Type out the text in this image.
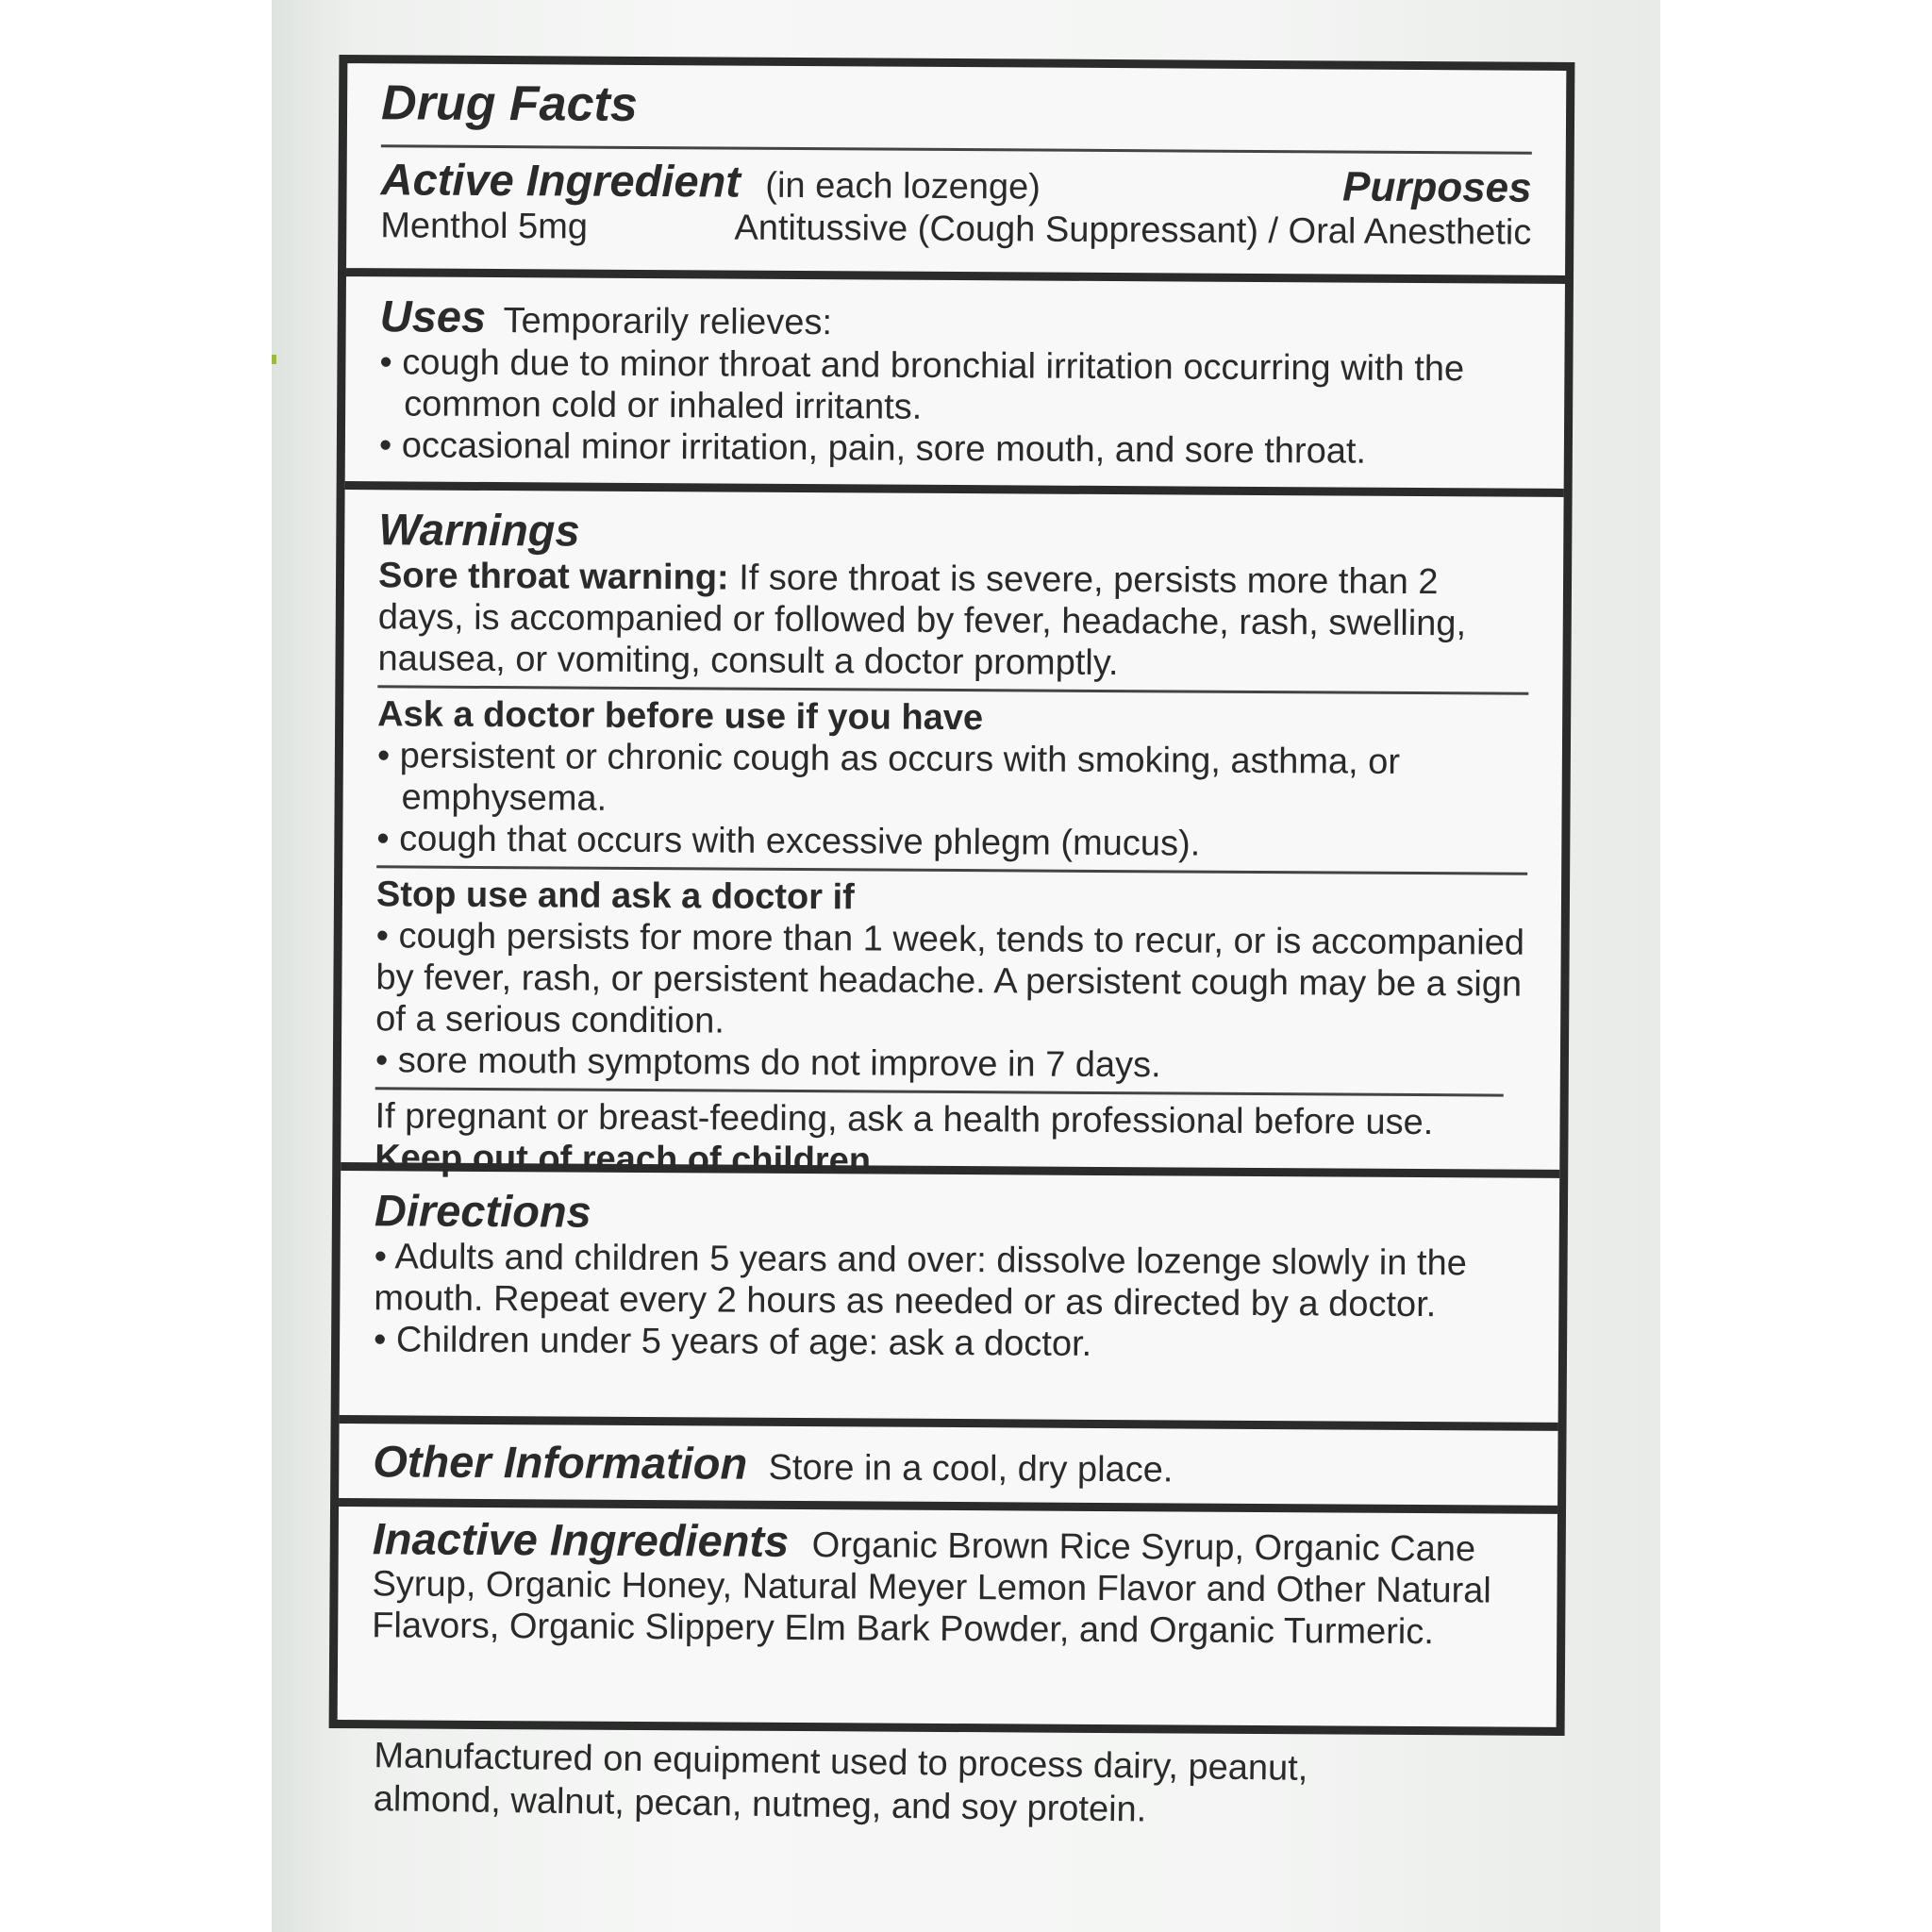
Drug Facts
Active Ingredient (in each lozenge)	Purposes
Menthol 5mg	Antitussive (Cough Suppressant) / Oral Anesthetic
Uses Temporarily relieves:
• cough due to minor throat and bronchial irritation occurring with the common cold or inhaled irritants.
• occasional minor irritation, pain, sore mouth, and sore throat.
Warnings
Sore throat warning: If sore throat is severe, persists more than 2 days, is accompanied or followed by fever, headache, rash, swelling, nausea, or vomiting, consult a doctor promptly.
Ask a doctor before use if you have
• persistent or chronic cough as occurs with smoking, asthma, or emphysema.
• cough that occurs with excessive phlegm (mucus).
Stop use and ask a doctor if
• cough persists for more than 1 week, tends to recur, or is accompanied by fever, rash, or persistent headache. A persistent cough may be a sign of a serious condition.
• sore mouth symptoms do not improve in 7 days.
If pregnant or breast-feeding, ask a health professional before use. Keep out of reach of children.
Directions
• Adults and children 5 years and over: dissolve lozenge slowly in the mouth. Repeat every 2 hours as needed or as directed by a doctor.
• Children under 5 years of age: ask a doctor.
Other Information Store in a cool, dry place.
Inactive Ingredients Organic Brown Rice Syrup, Organic Cane Syrup, Organic Honey, Natural Meyer Lemon Flavor and Other Natural Flavors, Organic Slippery Elm Bark Powder, and Organic Turmeric.
Manufactured on equipment used to process dairy, peanut, almond, walnut, pecan, nutmeg, and soy protein.
